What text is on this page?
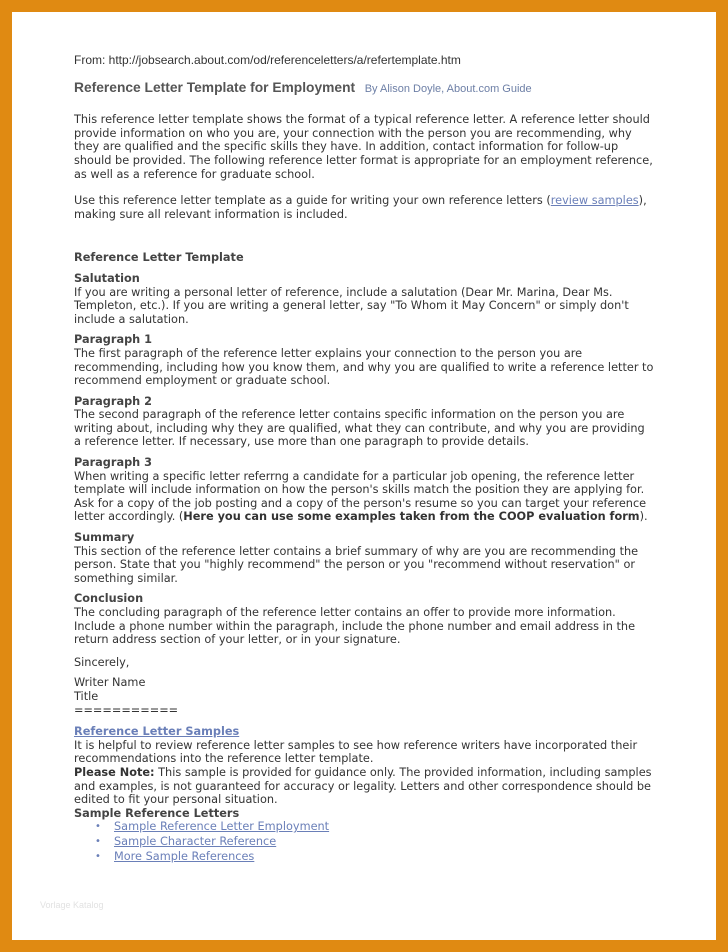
From: http://jobsearch.about.com/od/referenceletters/a/refertemplate.htm

Reference Letter Template for Employment By Alison Doyle, About.com Guide

This reference letter template shows the format of a typical reference letter. A reference letter should provide information on who you are, your connection with the person you are recommending, why they are qualified and the specific skills they have. In addition, contact information for follow-up should be provided. The following reference letter format is appropriate for an employment reference, as well as a reference for graduate school.

Use this reference letter template as a guide for writing your own reference letters (review samples), making sure all relevant information is included.

Reference Letter Template

Salutation

If you are writing a personal letter of reference, include a salutation (Dear Mr. Marina, Dear Ms. Templeton, etc.). If you are writing a general letter, say "To Whom it May Concern" or simply don't include a salutation.

Paragraph 1

The first paragraph of the reference letter explains your connection to the person you are recommending, including how you know them, and why you are qualified to write a reference letter to recommend employment or graduate school.

Paragraph 2

The second paragraph of the reference letter contains specific information on the person you are writing about, including why they are qualified, what they can contribute, and why you are providing a reference letter. If necessary, use more than one paragraph to provide details.

Paragraph 3

When writing a specific letter referrng a candidate for a particular job opening, the reference letter template will include information on how the person's skills match the position they are applying for. Ask for a copy of the job posting and a copy of the person's resume so you can target your reference letter accordingly. (Here you can use some examples taken from the COOP evaluation form).

Summary

This section of the reference letter contains a brief summary of why are you are recommending the person. State that you "highly recommend" the person or you "recommend without reservation" or something similar.

Conclusion

The concluding paragraph of the reference letter contains an offer to provide more information. Include a phone number within the paragraph, include the phone number and email address in the return address section of your letter, or in your signature.

Sincerely,

Writer Name

Title

===========

Reference Letter Samples

It is helpful to review reference letter samples to see how reference writers have incorporated their recommendations into the reference letter template.

Please Note: This sample is provided for guidance only. The provided information, including samples and examples, is not guaranteed for accuracy or legality. Letters and other correspondence should be edited to fit your personal situation.

Sample Reference Letters

• Sample Reference Letter Employment
• Sample Character Reference
• More Sample References
Vorlage Katalog
